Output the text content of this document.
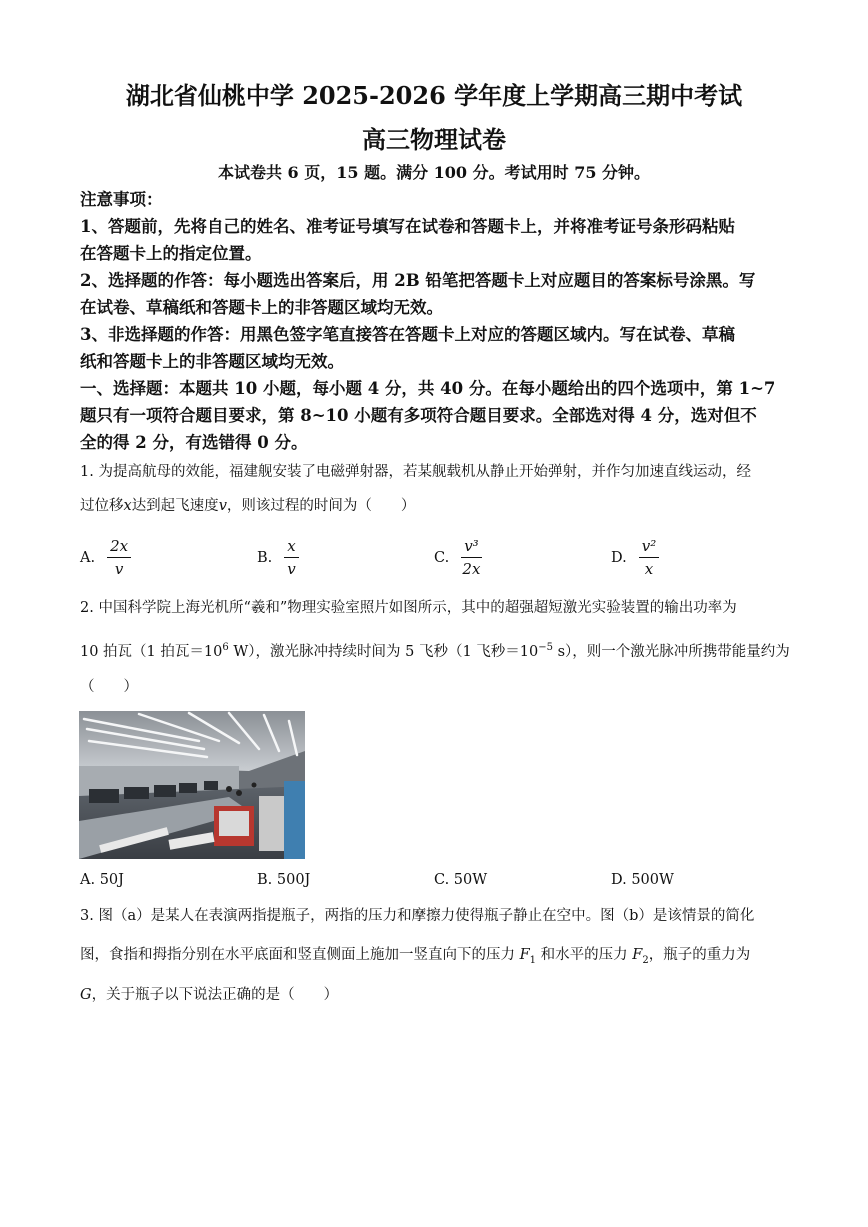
湖北省仙桃中学 2025-2026 学年度上学期高三期中考试
高三物理试卷
本试卷共 6 页，15 题。满分 100 分。考试用时 75 分钟。
注意事项：
1、答题前，先将自己的姓名、准考证号填写在试卷和答题卡上，并将准考证号条形码粘贴
在答题卡上的指定位置。
2、选择题的作答：每小题选出答案后，用 2B 铅笔把答题卡上对应题目的答案标号涂黑。写
在试卷、草稿纸和答题卡上的非答题区域均无效。
3、非选择题的作答：用黑色签字笔直接答在答题卡上对应的答题区域内。写在试卷、草稿
纸和答题卡上的非答题区域均无效。
一、选择题：本题共 10 小题，每小题 4 分，共 40 分。在每小题给出的四个选项中，第 1~7
题只有一项符合题目要求，第 8~10 小题有多项符合题目要求。全部选对得 4 分，选对但不
全的得 2 分，有选错得 0 分。
1. 为提高航母的效能，福建舰安装了电磁弹射器，若某舰载机从静止开始弹射，并作匀加速直线运动，经
过位移x达到起飞速度v，则该过程的时间为（　　）
A. $\frac{2x}{v}$	B. $\frac{x}{v}$	C. $\frac{\text{v³}}{2x}$	D. $\frac{\text{v²}}{x}$
2. 中国科学院上海光机所“羲和”物理实验室照片如图所示，其中的超强超短激光实验装置的输出功率为
10 拍瓦（1 拍瓦$=10^6$ W），激光脉冲持续时间为 5 飞秒（1 飞秒$=10^{-5}$ s），则一个激光脉冲所携带能量约为
（　　）
A. 50J	B. 500J	C. 50W	D. 500W
3. 图（a）是某人在表演两指提瓶子，两指的压力和摩擦力使得瓶子静止在空中。图（b）是该情景的简化
图，食指和拇指分别在水平底面和竖直侧面上施加一竖直向下的压力 $F_1$ 和水平的压力 $F_2$，瓶子的重力为
G，关于瓶子以下说法正确的是（　　）
